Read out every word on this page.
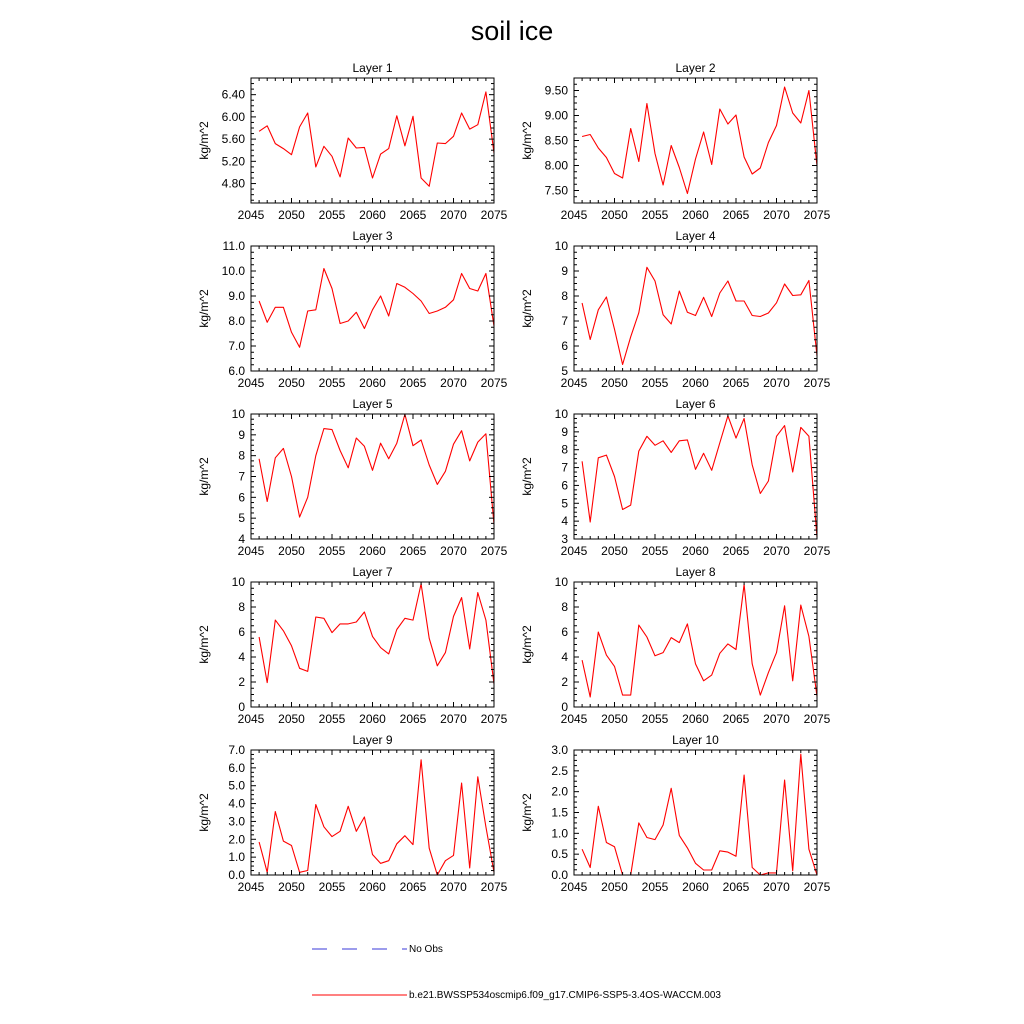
soil ice
Layer 1
kg/m^2
2045 2050 2055 2060 2065 2070 2075
4.80
5.20
5.60
6.00
6.40
Layer 2
kg/m^2
2045 2050 2055 2060 2065 2070 2075
7.50
8.00
8.50
9.00
9.50
Layer 3
kg/m^2
2045 2050 2055 2060 2065 2070 2075
6.0
7.0
8.0
9.0
10.0
11.0
Layer 4
kg/m^2
2045 2050 2055 2060 2065 2070 2075
5
6
7
8
9
10
Layer 5
kg/m^2
2045 2050 2055 2060 2065 2070 2075
4
5
6
7
8
9
10
Layer 6
kg/m^2
2045 2050 2055 2060 2065 2070 2075
3
4
5
6
7
8
9
10
Layer 7
kg/m^2
2045 2050 2055 2060 2065 2070 2075
0
2
4
6
8
10
Layer 8
kg/m^2
2045 2050 2055 2060 2065 2070 2075
0
2
4
6
8
10
Layer 9
kg/m^2
2045 2050 2055 2060 2065 2070 2075
0.0
1.0
2.0
3.0
4.0
5.0
6.0
7.0
Layer 10
kg/m^2
2045 2050 2055 2060 2065 2070 2075
0.0
0.5
1.0
1.5
2.0
2.5
3.0
No Obs
b.e21.BWSSP534oscmip6.f09_g17.CMIP6-SSP5-3.4OS-WACCM.003
